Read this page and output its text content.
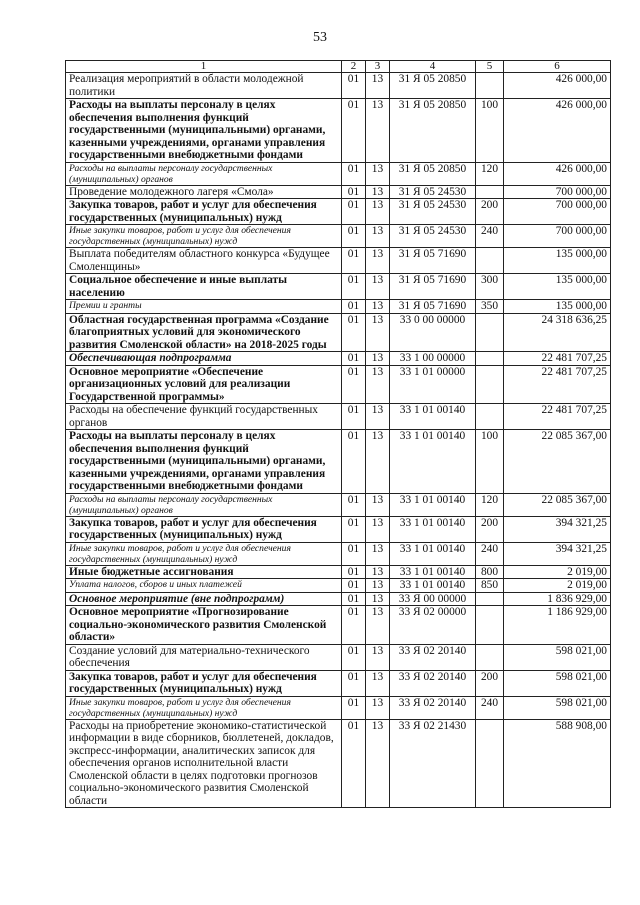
53
1	2	3	4	5	6
Реализация мероприятий в области молодежной политики	01	13	31 Я 05 20850		426 000,00
Расходы на выплаты персоналу в целях обеспечения выполнения функций государственными (муниципальными) органами, казенными учреждениями, органами управления государственными внебюджетными фондами	01	13	31 Я 05 20850	100	426 000,00
Расходы на выплаты персоналу государственных (муниципальных) органов	01	13	31 Я 05 20850	120	426 000,00
Проведение молодежного лагеря «Смола»	01	13	31 Я 05 24530		700 000,00
Закупка товаров, работ и услуг для обеспечения государственных (муниципальных) нужд	01	13	31 Я 05 24530	200	700 000,00
Иные закупки товаров, работ и услуг для обеспечения государственных (муниципальных) нужд	01	13	31 Я 05 24530	240	700 000,00
Выплата победителям областного конкурса «Будущее Смоленщины»	01	13	31 Я 05 71690		135 000,00
Социальное обеспечение и иные выплаты населению	01	13	31 Я 05 71690	300	135 000,00
Премии и гранты	01	13	31 Я 05 71690	350	135 000,00
Областная государственная программа «Создание благоприятных условий для экономического развития Смоленской области» на 2018-2025 годы	01	13	33 0 00 00000		24 318 636,25
Обеспечивающая подпрограмма	01	13	33 1 00 00000		22 481 707,25
Основное мероприятие «Обеспечение организационных условий для реализации Государственной программы»	01	13	33 1 01 00000		22 481 707,25
Расходы на обеспечение функций государственных органов	01	13	33 1 01 00140		22 481 707,25
Расходы на выплаты персоналу в целях обеспечения выполнения функций государственными (муниципальными) органами, казенными учреждениями, органами управления государственными внебюджетными фондами	01	13	33 1 01 00140	100	22 085 367,00
Расходы на выплаты персоналу государственных (муниципальных) органов	01	13	33 1 01 00140	120	22 085 367,00
Закупка товаров, работ и услуг для обеспечения государственных (муниципальных) нужд	01	13	33 1 01 00140	200	394 321,25
Иные закупки товаров, работ и услуг для обеспечения государственных (муниципальных) нужд	01	13	33 1 01 00140	240	394 321,25
Иные бюджетные ассигнования	01	13	33 1 01 00140	800	2 019,00
Уплата налогов, сборов и иных платежей	01	13	33 1 01 00140	850	2 019,00
Основное мероприятие (вне подпрограмм)	01	13	33 Я 00 00000		1 836 929,00
Основное мероприятие «Прогнозирование социально-экономического развития Смоленской области»	01	13	33 Я 02 00000		1 186 929,00
Создание условий для материально-технического обеспечения	01	13	33 Я 02 20140		598 021,00
Закупка товаров, работ и услуг для обеспечения государственных (муниципальных) нужд	01	13	33 Я 02 20140	200	598 021,00
Иные закупки товаров, работ и услуг для обеспечения государственных (муниципальных) нужд	01	13	33 Я 02 20140	240	598 021,00
Расходы на приобретение экономико-статистической информации в виде сборников, бюллетеней, докладов, экспресс-информации, аналитических записок для обеспечения органов исполнительной власти Смоленской области в целях подготовки прогнозов социально-экономического развития Смоленской области	01	13	33 Я 02 21430		588 908,00
